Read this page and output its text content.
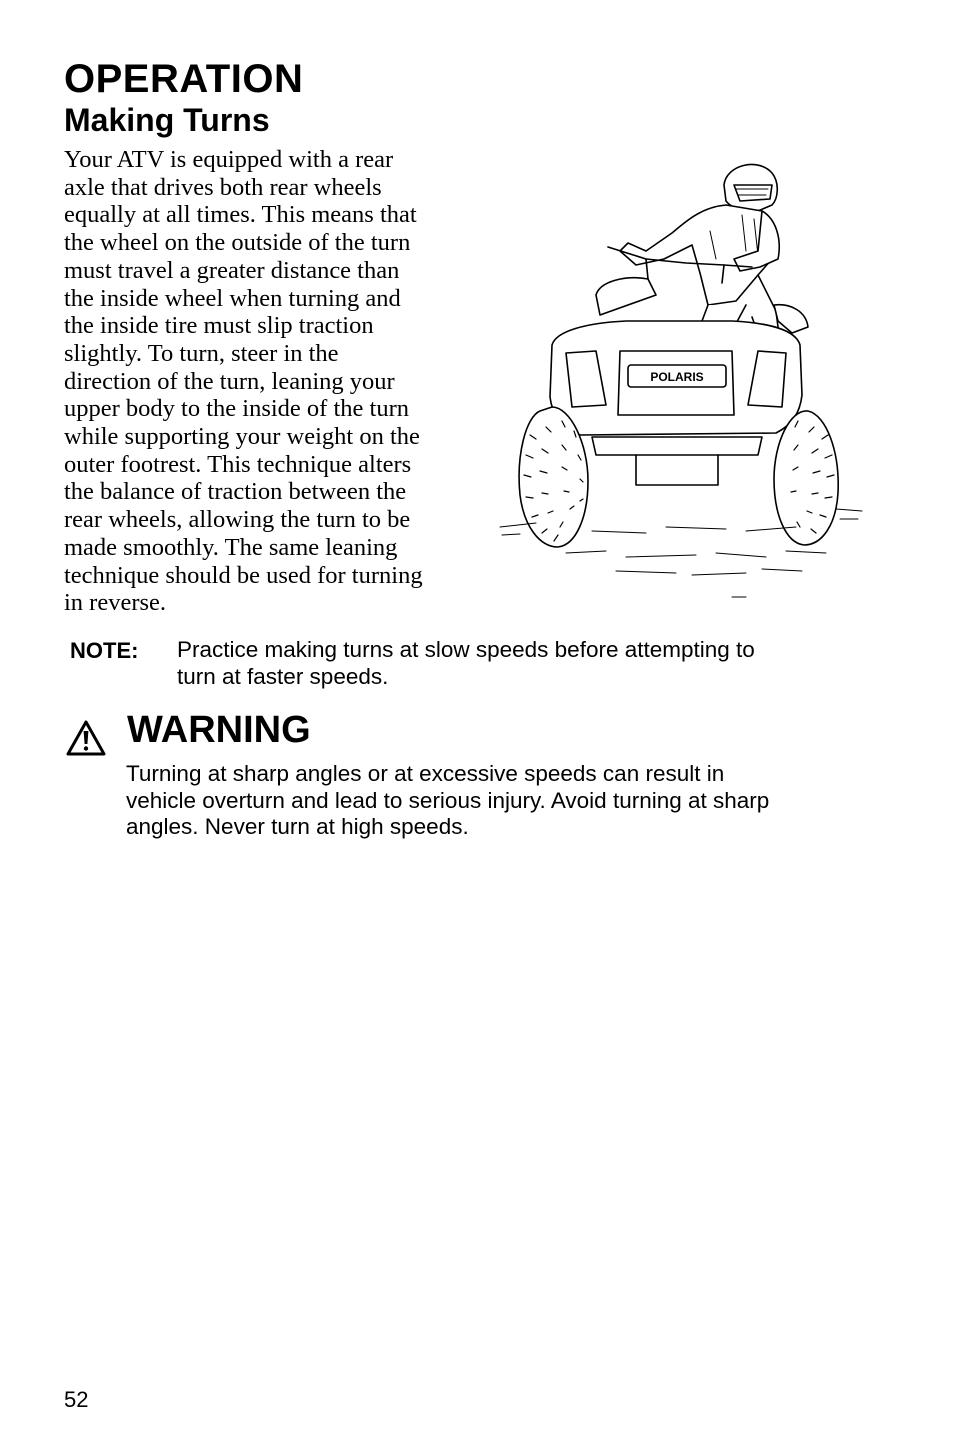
OPERATION
Making Turns
Your ATV is equipped with a rear
axle that drives both rear wheels
equally at all times. This means that
the wheel on the outside of the turn
must travel a greater distance than
the inside wheel when turning and
the inside tire must slip traction
slightly. To turn, steer in the
direction of the turn, leaning your
upper body to the inside of the turn
while supporting your weight on the
outer footrest. This technique alters
the balance of traction between the
rear wheels, allowing the turn to be
made smoothly. The same leaning
technique should be used for turning
in reverse.
POLARIS
NOTE: Practice making turns at slow speeds before attempting to
turn at faster speeds.
WARNING
Turning at sharp angles or at excessive speeds can result in
vehicle overturn and lead to serious injury. Avoid turning at sharp
angles. Never turn at high speeds.
52
